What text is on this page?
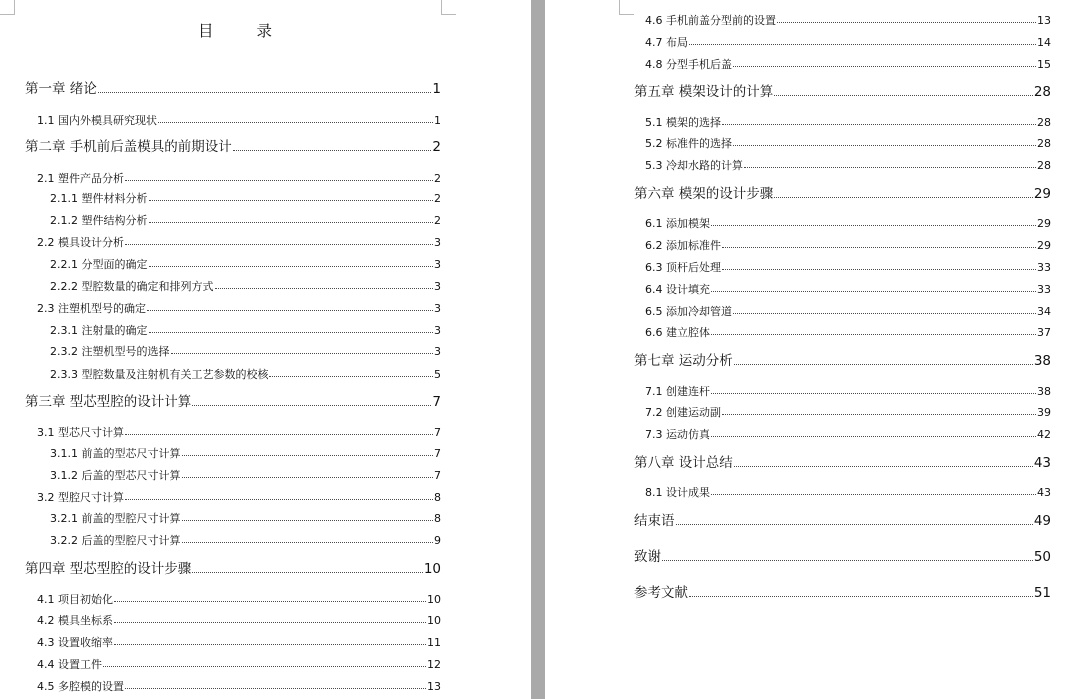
目 录
第一章 绪论	1
1.1 国内外模具研究现状	1
第二章 手机前后盖模具的前期设计	2
2.1 塑件产品分析	2
2.1.1 塑件材料分析	2
2.1.2 塑件结构分析	2
2.2 模具设计分析	3
2.2.1 分型面的确定	3
2.2.2 型腔数量的确定和排列方式	3
2.3 注塑机型号的确定	3
2.3.1 注射量的确定	3
2.3.2 注塑机型号的选择	3
2.3.3 型腔数量及注射机有关工艺参数的校核	5
第三章 型芯型腔的设计计算	7
3.1 型芯尺寸计算	7
3.1.1 前盖的型芯尺寸计算	7
3.1.2 后盖的型芯尺寸计算	7
3.2 型腔尺寸计算	8
3.2.1 前盖的型腔尺寸计算	8
3.2.2 后盖的型腔尺寸计算	9
第四章 型芯型腔的设计步骤	10
4.1 项目初始化	10
4.2 模具坐标系	10
4.3 设置收缩率	11
4.4 设置工件	12
4.5 多腔模的设置	13
4.6 手机前盖分型前的设置	13
4.7 布局	14
4.8 分型手机后盖	15
第五章 模架设计的计算	28
5.1 模架的选择	28
5.2 标准件的选择	28
5.3 冷却水路的计算	28
第六章 模架的设计步骤	29
6.1 添加模架	29
6.2 添加标准件	29
6.3 顶杆后处理	33
6.4 设计填充	33
6.5 添加冷却管道	34
6.6 建立腔体	37
第七章 运动分析	38
7.1 创建连杆	38
7.2 创建运动副	39
7.3 运动仿真	42
第八章 设计总结	43
8.1 设计成果	43
结束语	49
致谢	50
参考文献	51
